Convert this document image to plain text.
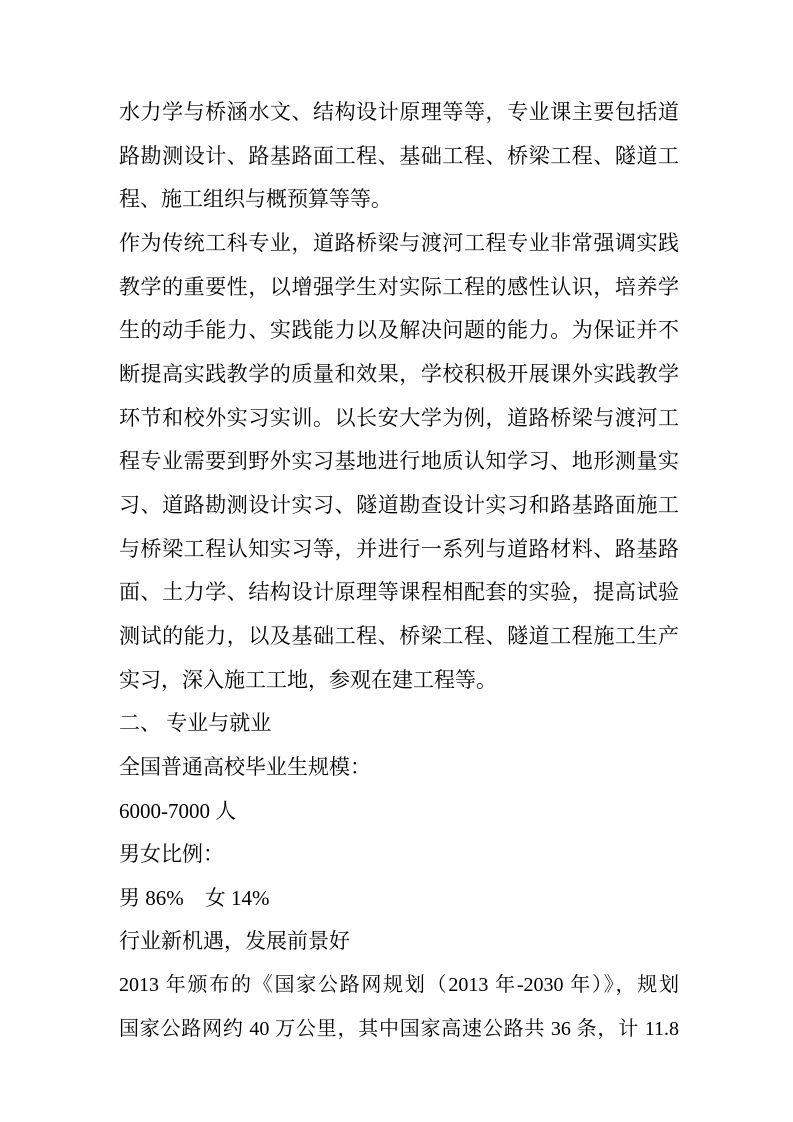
水力学与桥涵水文、结构设计原理等等，专业课主要包括道
路勘测设计、路基路面工程、基础工程、桥梁工程、隧道工
程、施工组织与概预算等等。
作为传统工科专业，道路桥梁与渡河工程专业非常强调实践
教学的重要性，以增强学生对实际工程的感性认识，培养学
生的动手能力、实践能力以及解决问题的能力。为保证并不
断提高实践教学的质量和效果，学校积极开展课外实践教学
环节和校外实习实训。以长安大学为例，道路桥梁与渡河工
程专业需要到野外实习基地进行地质认知学习、地形测量实
习、道路勘测设计实习、隧道勘查设计实习和路基路面施工
与桥梁工程认知实习等，并进行一系列与道路材料、路基路
面、土力学、结构设计原理等课程相配套的实验，提高试验
测试的能力，以及基础工程、桥梁工程、隧道工程施工生产
实习，深入施工工地，参观在建工程等。
二、 专业与就业
全国普通高校毕业生规模：
6000-7000 人
男女比例：
男 86%　女 14%
行业新机遇，发展前景好
2013 年颁布的《国家公路网规划（2013 年-2030 年）》，规划
国家公路网约 40 万公里，其中国家高速公路共 36 条，计 11.8
